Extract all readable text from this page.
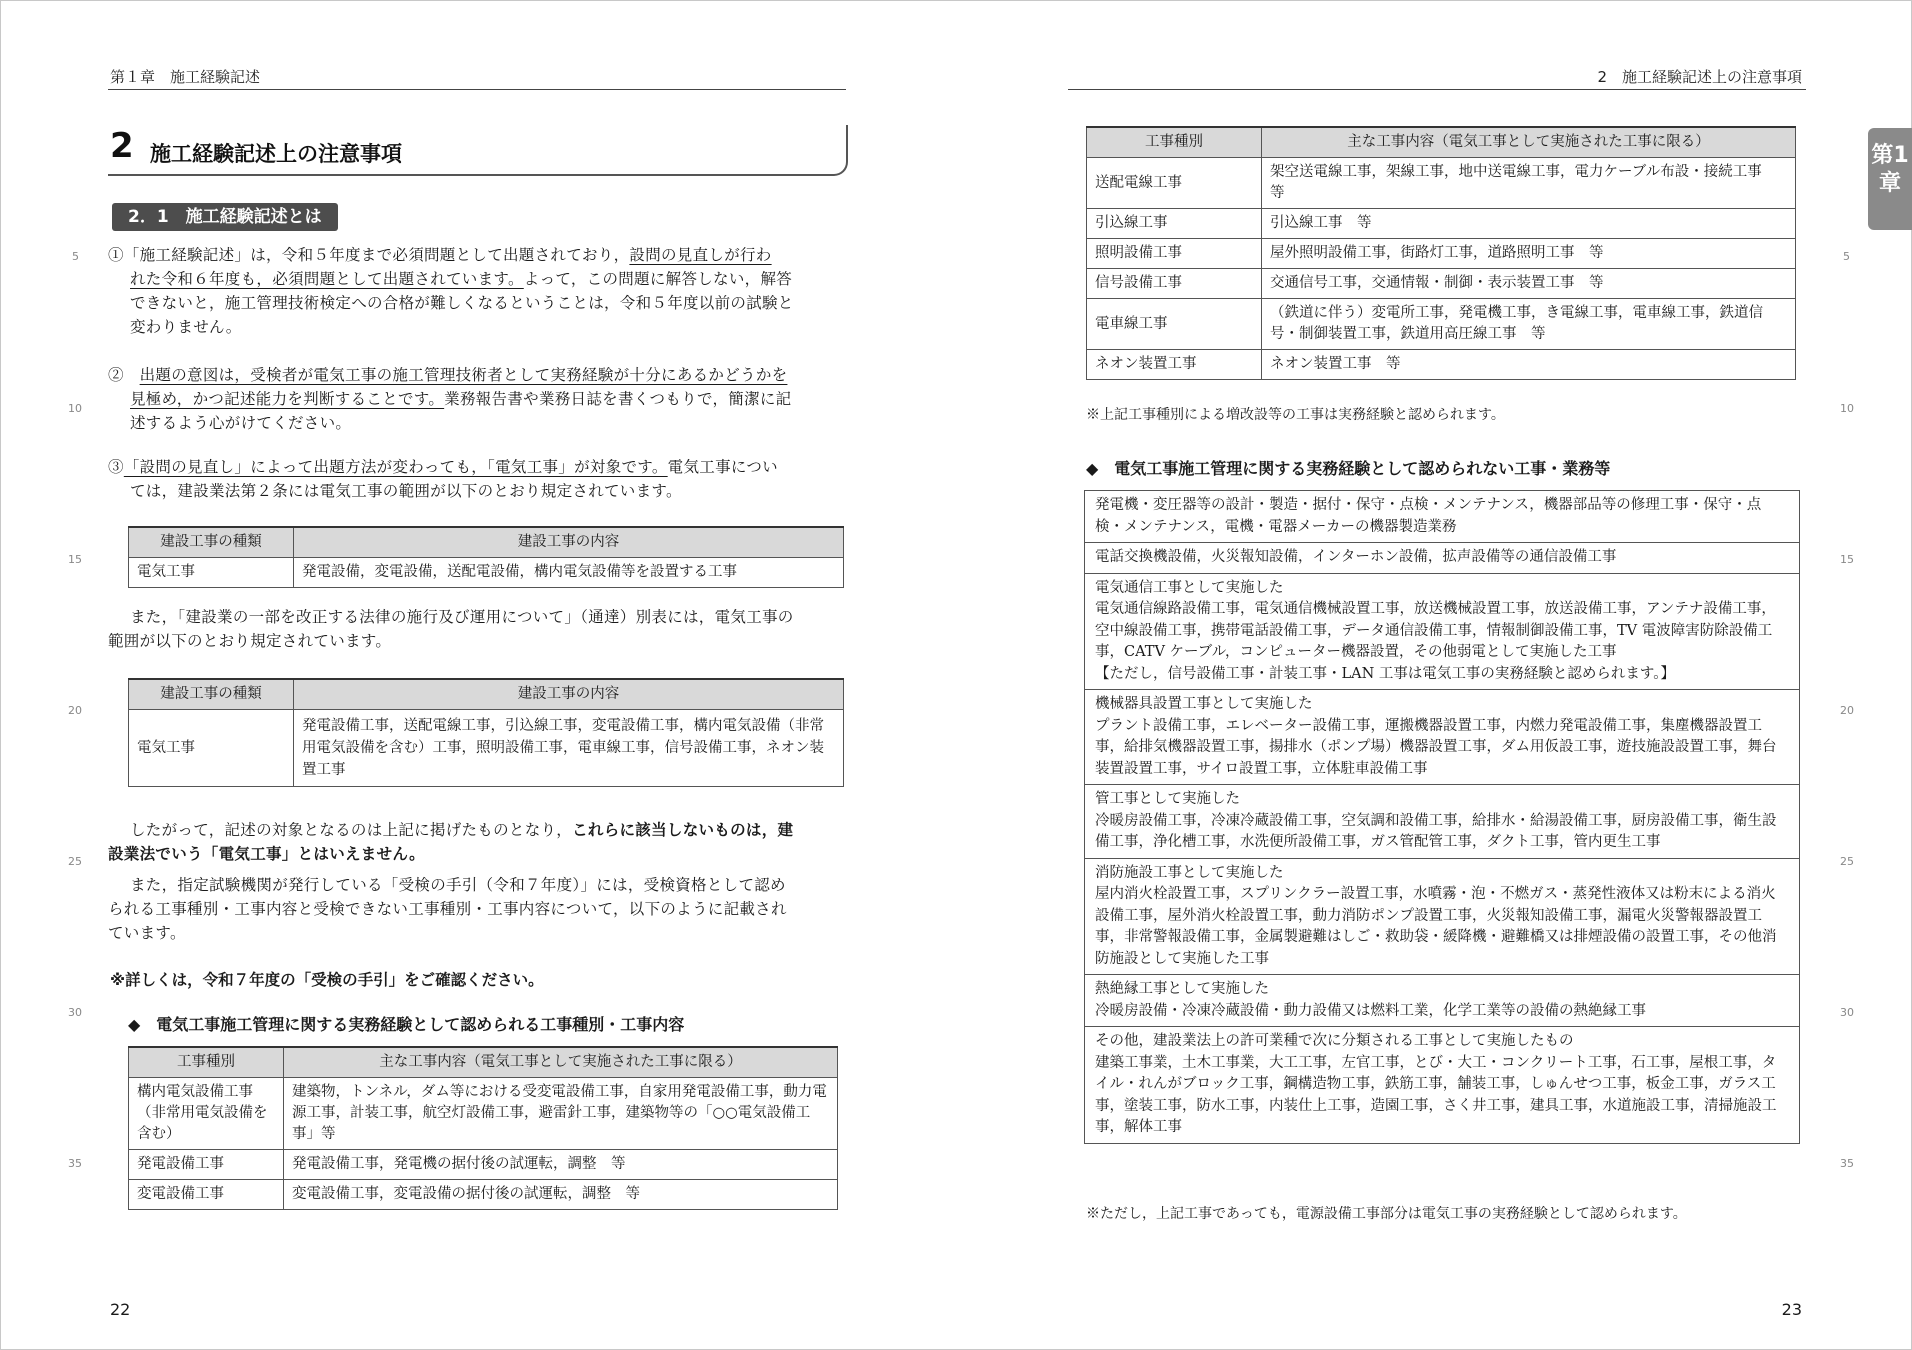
第１章　施工経験記述
2 施工経験記述上の注意事項
2．1　施工経験記述とは
5
10
15
20
25
30
35

①「施工経験記述」は，令和５年度まで必須問題として出題されており，設問の見直しが行わ

れた令和６年度も，必須問題として出題されています。よって，この問題に解答しない，解答

できないと，施工管理技術検定への合格が難しくなるということは，令和５年度以前の試験と

変わりません。

②　 出題の意図は，受検者が電気工事の施工管理技術者として実務経験が十分にあるかどうかを

見極め，かつ記述能力を判断することです。業務報告書や業務日誌を書くつもりで，簡潔に記

述するよう心がけてください。

③「設問の見直し」によって出題方法が変わっても，「電気工事」が対象です。電気工事につい

ては，建設業法第２条には電気工事の範囲が以下のとおり規定されています。

建設工事の種類	建設工事の内容
電気工事	発電設備，変電設備，送配電設備，構内電気設備等を設置する工事

また，「建設業の一部を改正する法律の施行及び運用について」（通達）別表には，電気工事の

範囲が以下のとおり規定されています。

建設工事の種類	建設工事の内容
電気工事	発電設備工事，送配電線工事，引込線工事，変電設備工事，構内電気設備（非常用電気設備を含む）工事，照明設備工事，電車線工事，信号設備工事，ネオン装置工事

したがって，記述の対象となるのは上記に掲げたものとなり，これらに該当しないものは，建

設業法でいう「電気工事」とはいえません。

また，指定試験機関が発行している「受検の手引（令和７年度）」には，受検資格として認め

られる工事種別・工事内容と受検できない工事種別・工事内容について，以下のように記載され

ています。

※詳しくは，令和７年度の「受検の手引」をご確認ください。
◆　電気工事施工管理に関する実務経験として認められる工事種別・工事内容
工事種別	主な工事内容（電気工事として実施された工事に限る）
構内電気設備工事（非常用電気設備を含む）	建築物，トンネル，ダム等における受変電設備工事，自家用発電設備工事，動力電源工事，計装工事，航空灯設備工事，避雷針工事，建築物等の「○○電気設備工事」等
発電設備工事	発電設備工事，発電機の据付後の試運転，調整　等
変電設備工事	変電設備工事，変電設備の据付後の試運転，調整　等
22
2　施工経験記述上の注意事項
第1章
5
10
15
20
25
30
35
工事種別	主な工事内容（電気工事として実施された工事に限る）
送配電線工事	架空送電線工事，架線工事，地中送電線工事，電力ケーブル布設・接続工事　等
引込線工事	引込線工事　等
照明設備工事	屋外照明設備工事，街路灯工事，道路照明工事　等
信号設備工事	交通信号工事，交通情報・制御・表示装置工事　等
電車線工事	（鉄道に伴う）変電所工事，発電機工事，き電線工事，電車線工事，鉄道信号・制御装置工事，鉄道用高圧線工事　等
ネオン装置工事	ネオン装置工事　等
※上記工事種別による増改設等の工事は実務経験と認められます。
◆　電気工事施工管理に関する実務経験として認められない工事・業務等
発電機・変圧器等の設計・製造・据付・保守・点検・メンテナンス，機器部品等の修理工事・保守・点検・メンテナンス，電機・電器メーカーの機器製造業務
電話交換機設備，火災報知設備，インターホン設備，拡声設備等の通信設備工事
電気通信工事として実施した
電気通信線路設備工事，電気通信機械設置工事，放送機械設置工事，放送設備工事，アンテナ設備工事，空中線設備工事，携帯電話設備工事，データ通信設備工事，情報制御設備工事，TV 電波障害防除設備工事，CATV ケーブル，コンピューター機器設置，その他弱電として実施した工事
【ただし，信号設備工事・計装工事・LAN 工事は電気工事の実務経験と認められます。】
機械器具設置工事として実施した
プラント設備工事，エレベーター設備工事，運搬機器設置工事，内燃力発電設備工事，集塵機器設置工事，給排気機器設置工事，揚排水（ポンプ場）機器設置工事，ダム用仮設工事，遊技施設設置工事，舞台装置設置工事，サイロ設置工事，立体駐車設備工事
管工事として実施した
冷暖房設備工事，冷凍冷蔵設備工事，空気調和設備工事，給排水・給湯設備工事，厨房設備工事，衛生設備工事，浄化槽工事，水洗便所設備工事，ガス管配管工事，ダクト工事，管内更生工事
消防施設工事として実施した
屋内消火栓設置工事，スプリンクラー設置工事，水噴霧・泡・不燃ガス・蒸発性液体又は粉末による消火設備工事，屋外消火栓設置工事，動力消防ポンプ設置工事，火災報知設備工事，漏電火災警報器設置工事，非常警報設備工事，金属製避難はしご・救助袋・緩降機・避難橋又は排煙設備の設置工事，その他消防施設として実施した工事
熱絶縁工事として実施した
冷暖房設備・冷凍冷蔵設備・動力設備又は燃料工業，化学工業等の設備の熱絶縁工事
その他，建設業法上の許可業種で次に分類される工事として実施したもの
建築工事業，土木工事業，大工工事，左官工事，とび・大工・コンクリート工事，石工事，屋根工事，タイル・れんがブロック工事，鋼構造物工事，鉄筋工事，舗装工事，しゅんせつ工事，板金工事，ガラス工事，塗装工事，防水工事，内装仕上工事，造園工事，さく井工事，建具工事，水道施設工事，清掃施設工事，解体工事
※ただし，上記工事であっても，電源設備工事部分は電気工事の実務経験として認められます。
23
